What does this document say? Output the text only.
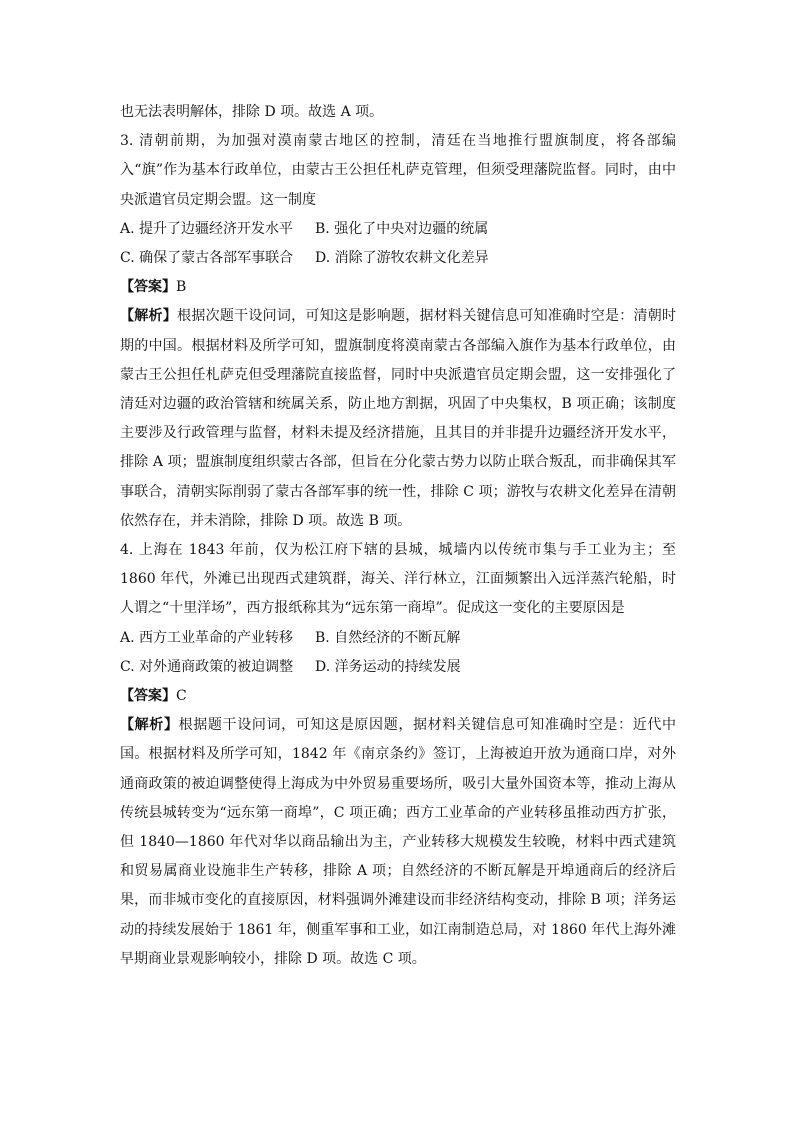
也无法表明解体，排除 D 项。故选 A 项。

3. 清朝前期，为加强对漠南蒙古地区的控制，清廷在当地推行盟旗制度，将各部编入“旗”作为基本行政单位，由蒙古王公担任札萨克管理，但须受理藩院监督。同时，由中央派遣官员定期会盟。这一制度

A. 提升了边疆经济开发水平	B. 强化了中央对边疆的统属
C. 确保了蒙古各部军事联合	D. 消除了游牧农耕文化差异

【答案】B

【解析】根据次题干设问词，可知这是影响题，据材料关键信息可知准确时空是：清朝时期的中国。根据材料及所学可知，盟旗制度将漠南蒙古各部编入旗作为基本行政单位，由蒙古王公担任札萨克但受理藩院直接监督，同时中央派遣官员定期会盟，这一安排强化了清廷对边疆的政治管辖和统属关系，防止地方割据，巩固了中央集权，B 项正确；该制度主要涉及行政管理与监督，材料未提及经济措施，且其目的并非提升边疆经济开发水平，排除 A 项；盟旗制度组织蒙古各部，但旨在分化蒙古势力以防止联合叛乱，而非确保其军事联合，清朝实际削弱了蒙古各部军事的统一性，排除 C 项；游牧与农耕文化差异在清朝依然存在，并未消除，排除 D 项。故选 B 项。

4. 上海在 1843 年前，仅为松江府下辖的县城，城墙内以传统市集与手工业为主；至 1860 年代，外滩已出现西式建筑群，海关、洋行林立，江面频繁出入远洋蒸汽轮船，时人谓之“十里洋场”，西方报纸称其为“远东第一商埠”。促成这一变化的主要原因是

A. 西方工业革命的产业转移	B. 自然经济的不断瓦解
C. 对外通商政策的被迫调整	D. 洋务运动的持续发展

【答案】C

【解析】根据题干设问词，可知这是原因题，据材料关键信息可知准确时空是：近代中国。根据材料及所学可知，1842 年《南京条约》签订，上海被迫开放为通商口岸，对外通商政策的被迫调整使得上海成为中外贸易重要场所，吸引大量外国资本等，推动上海从传统县城转变为“远东第一商埠”，C 项正确；西方工业革命的产业转移虽推动西方扩张，但 1840—1860 年代对华以商品输出为主，产业转移大规模发生较晚，材料中西式建筑和贸易属商业设施非生产转移，排除 A 项；自然经济的不断瓦解是开埠通商后的经济后果，而非城市变化的直接原因，材料强调外滩建设而非经济结构变动，排除 B 项；洋务运动的持续发展始于 1861 年，侧重军事和工业，如江南制造总局，对 1860 年代上海外滩早期商业景观影响较小，排除 D 项。故选 C 项。
